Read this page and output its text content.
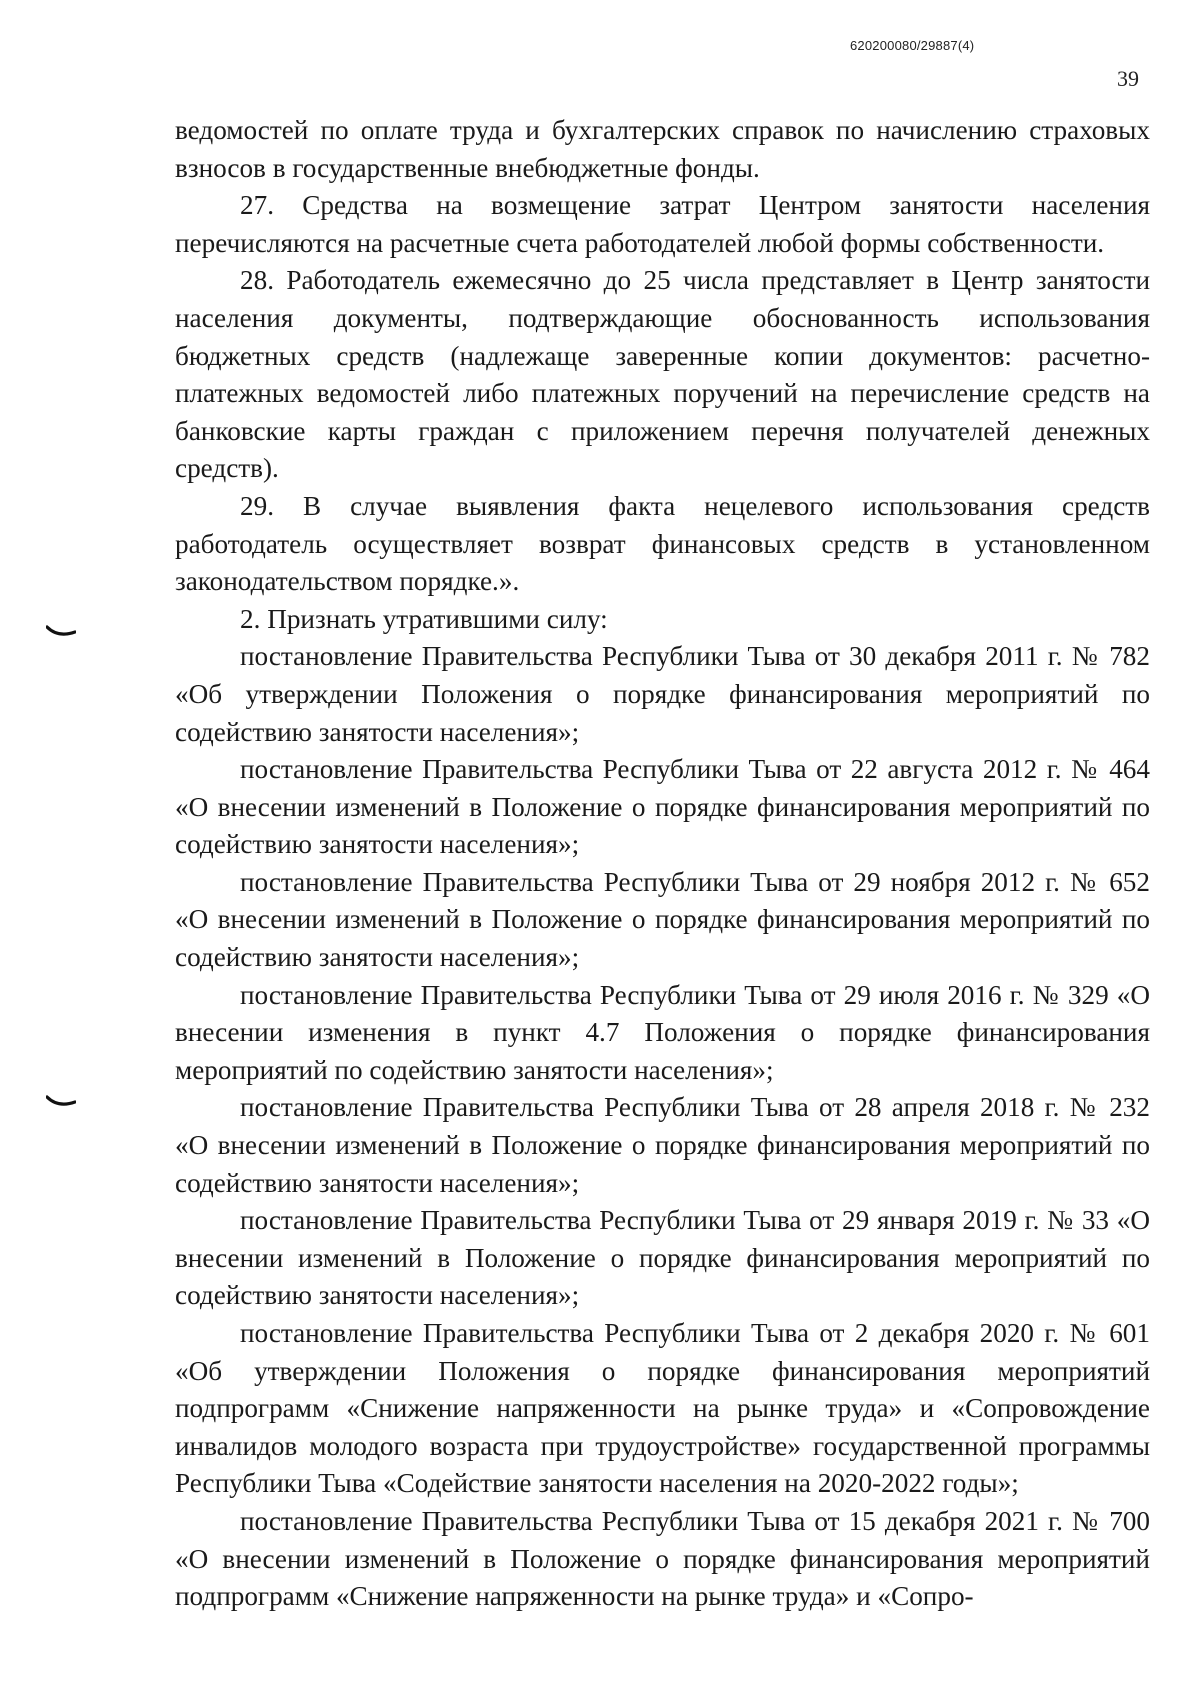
620200080/29887(4)
39

ведомостей по оплате труда и бухгалтерских справок по начислению страховых взносов в государственные внебюджетные фонды.

27. Средства на возмещение затрат Центром занятости населения перечисляются на расчетные счета работодателей любой формы собственности.

28. Работодатель ежемесячно до 25 числа представляет в Центр занятости населения документы, подтверждающие обоснованность использования бюджетных средств (надлежаще заверенные копии документов: расчетно-платежных ведомостей либо платежных поручений на перечисление средств на банковские карты граждан с приложением перечня получателей денежных средств).

29. В случае выявления факта нецелевого использования средств работодатель осуществляет возврат финансовых средств в установленном законодательством порядке.».

2. Признать утратившими силу:

постановление Правительства Республики Тыва от 30 декабря 2011 г. № 782 «Об утверждении Положения о порядке финансирования мероприятий по содействию занятости населения»;

постановление Правительства Республики Тыва от 22 августа 2012 г. № 464 «О внесении изменений в Положение о порядке финансирования мероприятий по содействию занятости населения»;

постановление Правительства Республики Тыва от 29 ноября 2012 г. № 652 «О внесении изменений в Положение о порядке финансирования мероприятий по содействию занятости населения»;

постановление Правительства Республики Тыва от 29 июля 2016 г. № 329 «О внесении изменения в пункт 4.7 Положения о порядке финансирования мероприятий по содействию занятости населения»;

постановление Правительства Республики Тыва от 28 апреля 2018 г. № 232 «О внесении изменений в Положение о порядке финансирования мероприятий по содействию занятости населения»;

постановление Правительства Республики Тыва от 29 января 2019 г. № 33 «О внесении изменений в Положение о порядке финансирования мероприятий по содействию занятости населения»;

постановление Правительства Республики Тыва от 2 декабря 2020 г. № 601 «Об утверждении Положения о порядке финансирования мероприятий подпрограмм «Снижение напряженности на рынке труда» и «Сопровождение инвалидов молодого возраста при трудоустройстве» государственной программы Республики Тыва «Содействие занятости населения на 2020-2022 годы»;

постановление Правительства Республики Тыва от 15 декабря 2021 г. № 700 «О внесении изменений в Положение о порядке финансирования мероприятий подпрограмм «Снижение напряженности на рынке труда» и «Сопро-
